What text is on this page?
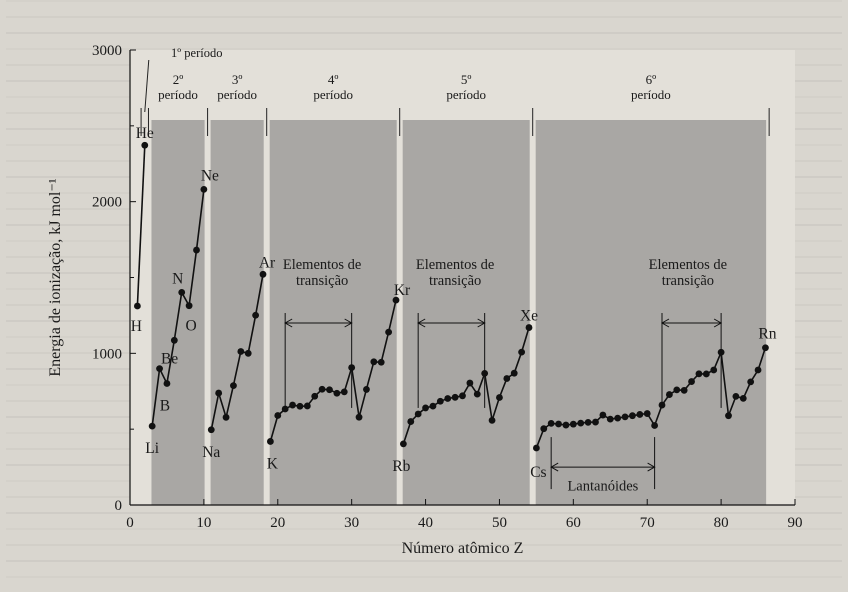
1º período
2º
período
3º
período
4º
período
5º
período
6º
período
0
1000
2000
3000
0	10	20	30	40	50	60	70	80	90
Número atômico Z
Energia de ionização, kJ mol⁻¹
He
H
Ne
Be
N
O
B
Li	Na
Ar
K
Kr
Rb
Xe
Cs
Rn
Elementos de
transição
Elementos de
transição
Elementos de
transição
Lantanóides
